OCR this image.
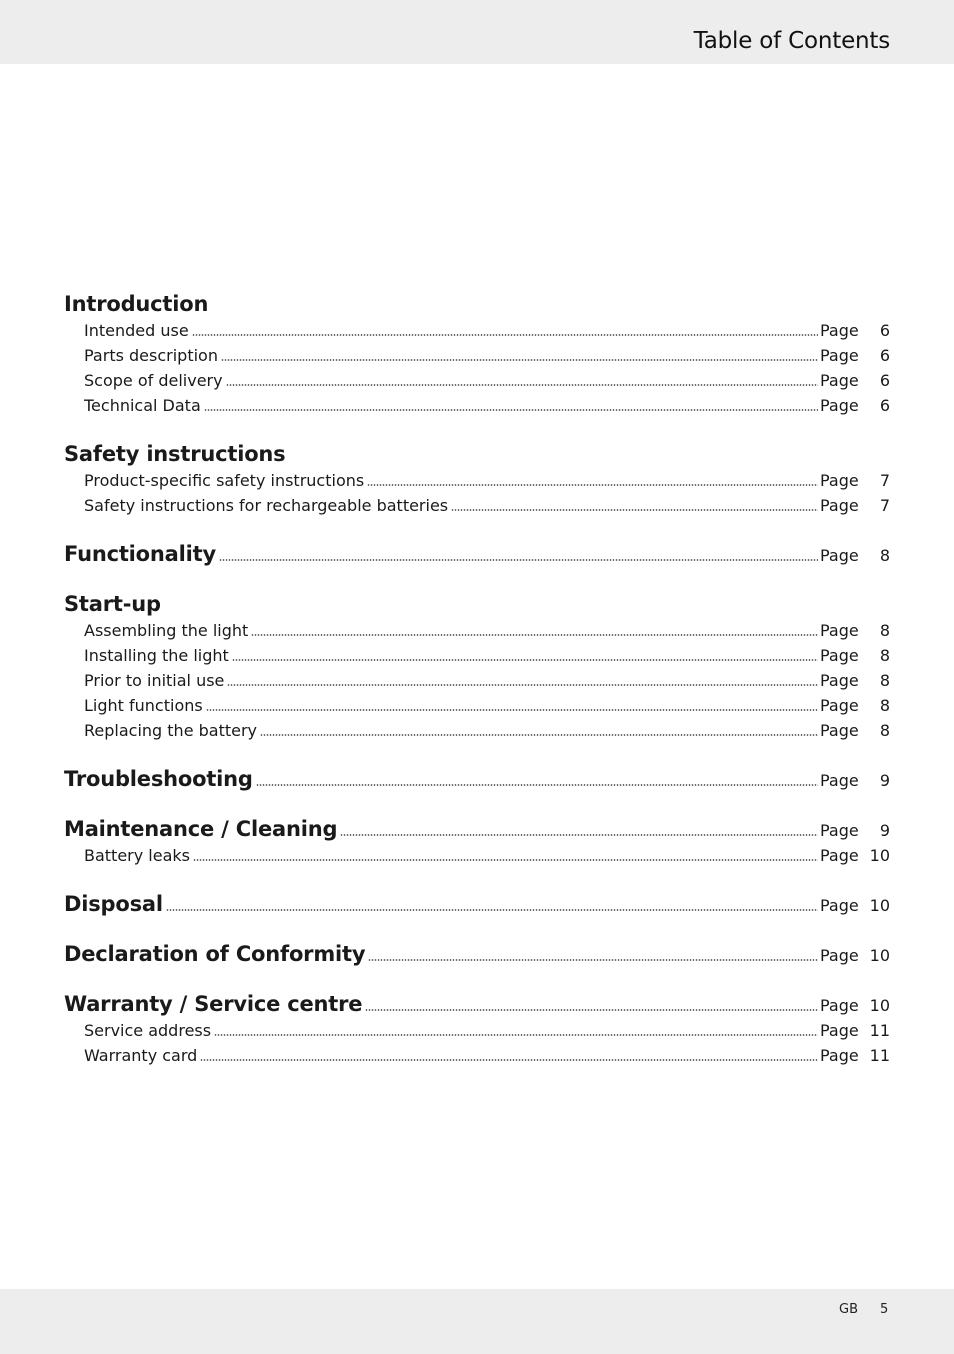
Table of Contents
Introduction
Intended use	Page	6
Parts description	Page	6
Scope of delivery	Page	6
Technical Data	Page	6
Safety instructions
Product-specific safety instructions	Page	7
Safety instructions for rechargeable batteries	Page	7
Functionality	Page	8
Start-up
Assembling the light	Page	8
Installing the light	Page	8
Prior to initial use	Page	8
Light functions	Page	8
Replacing the battery	Page	8
Troubleshooting	Page	9
Maintenance / Cleaning	Page	9
Battery leaks	Page 10
Disposal	Page 10
Declaration of Conformity	Page 10
Warranty / Service centre	Page 10
Service address	Page 11
Warranty card	Page 11
GB 5
